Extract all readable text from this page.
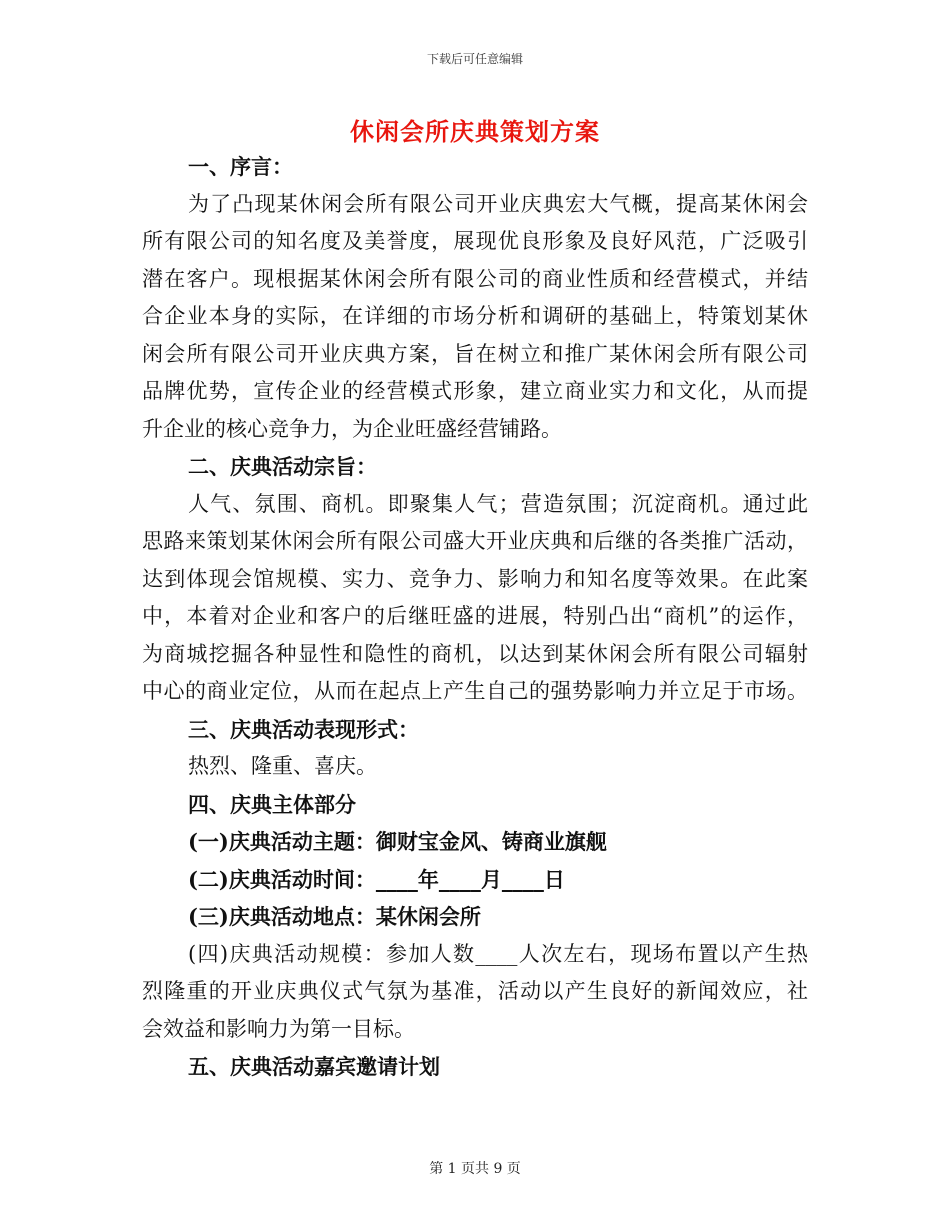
下载后可任意编辑
休闲会所庆典策划方案
一、序言：
为了凸现某休闲会所有限公司开业庆典宏大气概，提高某休闲会
所有限公司的知名度及美誉度，展现优良形象及良好风范，广泛吸引
潜在客户。现根据某休闲会所有限公司的商业性质和经营模式，并结
合企业本身的实际，在详细的市场分析和调研的基础上，特策划某休
闲会所有限公司开业庆典方案，旨在树立和推广某休闲会所有限公司
品牌优势，宣传企业的经营模式形象，建立商业实力和文化，从而提
升企业的核心竞争力，为企业旺盛经营铺路。
二、庆典活动宗旨：
人气、氛围、商机。即聚集人气；营造氛围；沉淀商机。通过此
思路来策划某休闲会所有限公司盛大开业庆典和后继的各类推广活动，
达到体现会馆规模、实力、竞争力、影响力和知名度等效果。在此案
中，本着对企业和客户的后继旺盛的进展，特别凸出“商机”的运作，
为商城挖掘各种显性和隐性的商机，以达到某休闲会所有限公司辐射
中心的商业定位，从而在起点上产生自己的强势影响力并立足于市场。
三、庆典活动表现形式：
热烈、隆重、喜庆。
四、庆典主体部分
(一)庆典活动主题：御财宝金风、铸商业旗舰
(二)庆典活动时间：____年____月____日
(三)庆典活动地点：某休闲会所
(四)庆典活动规模：参加人数____人次左右，现场布置以产生热
烈隆重的开业庆典仪式气氛为基准，活动以产生良好的新闻效应，社
会效益和影响力为第一目标。
五、庆典活动嘉宾邀请计划
第 1 页共 9 页
